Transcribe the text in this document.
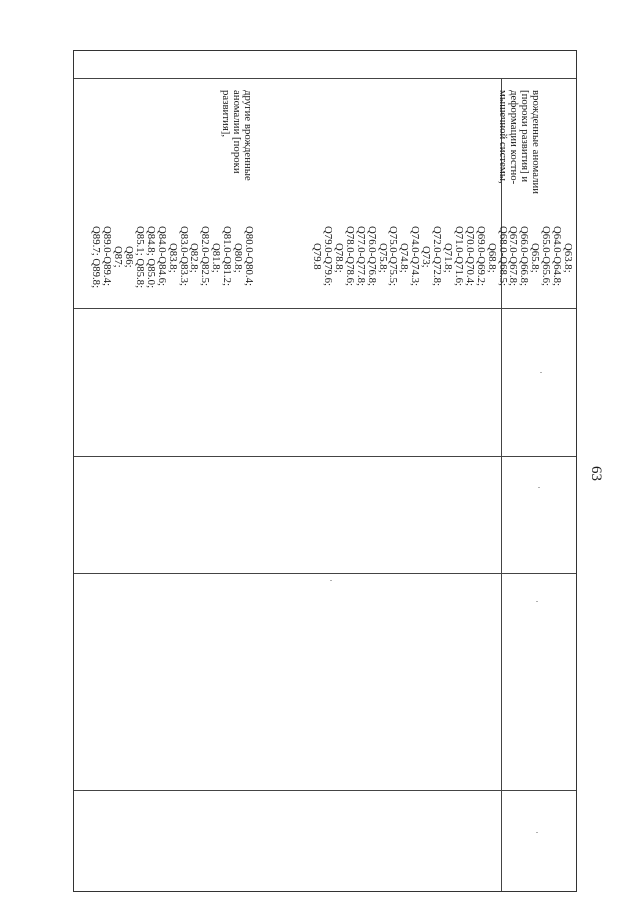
врожденные аномалии
[пороки развития] и
деформации костно-
мышечной системы,
другие врожденные
аномалии [пороки
развития],
Q63.8;
Q64.0-Q64.8;
Q65.0-Q65.6;
Q65.8;
Q66.0-Q66.8;
Q67.0-Q67.8;
Q68.0-Q68.5;
Q68.8;
Q69.0-Q69.2;
Q70.0-Q70.4;
Q71.0-Q71.6;
Q71.8;
Q72.0-Q72.8;
Q73;
Q74.0-Q74.3;
Q74.8;
Q75.0-Q75.5;
Q75.8;
Q76.0-Q76.8;
Q77.0-Q77.8;
Q78.0-Q78.6;
Q78.8;
Q79.0-Q79.6;
Q79.8
Q80.0-Q80.4;
Q80.8;
Q81.0-Q81.2;
Q81.8;
Q82.0-Q82.5;
Q82.8;
Q83.0-Q83.3;
Q83.8;
Q84.0-Q84.6;
Q84.8; Q85.0;
Q85.1; Q85.8;
Q86;
Q87;
Q89.0-Q89.4;
Q89.7; Q89.8;
63
